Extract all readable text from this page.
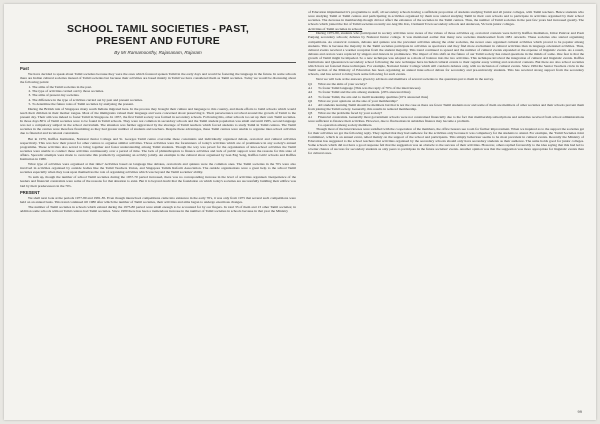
SCHOOL TAMIL SOCIETIES - PAST,
PRESENT AND FUTURE
By Mr Ramamoorthy, Rajasanam, Rajaram
Past

We have decided to speak about Tamil societies because they were the ones which fostered spoken Tamil in the early days and would be fostering the language in the future. In some schools there are Indian cultural societies instead of Tamil societies but because their activities are based mainly in Tamil we have considered them as Tamil societies. Today we would be discussing about the following points:

1. The aims of the Tamil societies in the past.
2. The type of activities carried out by those societies.
3. The aims of present day societies.
4. The difference in the type of activities carried out by past and present societies.
5. To determine the future roles of Tamil societies by analysing the present.

During the British rule of Singapore many south Indians migrated here. In the process they brought their culture and language to this country, and made efforts to build schools which would teach their children in their mother tongue. Most of the immigrants valued their language and were concerned about preserving it. Their perseverance revolved around the growth of Tamil to the present day. Their aim was indeed to foster Tamil in Singapore. In 1957, the first Tamil society was formed in secondary schools. Following this, other schools too set up their own Tamil societies. In those days 80% of Tamil societies were to be found in Tamil schools. They were not common in secondary schools and the Tamil student population was small and until 1985, second language was not a compulsory subject in the school curriculum. The situation was further aggravated by the shortage of Tamil teachers which forced students to study Tamil in Tamil centres. The Tamil societies in the centres were therefore flourishing as they had greater number of students and teachers. Despite these advantages, these Tamil centres were unable to organise inter-school activities due to financial and locational constraints.

But in 1970, Raffles Institution, National Junior College and St. Georges Tamil centre overcame these constraints and individually organised debate, oratorical and cultural activities respectively. This was how their paved for other centres to organise similar activities. Those activities were the forerunners of today's activities which are of prominence in any society's annual programme. These activities also served to bring together and foster understanding among Tamil students. Though the way was paved for the organisation of inter-school activities the Tamil societies were unable to conduct these activities continuously over a period of time. The lack of philanthropists to finance activities and lack of public support were the reasons for this state of affairs. Sporadic attempts were made to overcome this problem by organising an activity jointly. An example is the cultural show organised by Gan Eng Seng, Raffles Girls' schools and Raffles Institution in 1980.

What type of activities were organised at that time? Activities based on language like debates, oratoricals and quizzes were the common ones. The Tamil societies in the 70's were also involved in activities organised by outside bodies like the Tamil Teachers Union, and Singapore Tamils Reform Association. The outside organisations were a great help to the school Tamil societies especially when they took upon themselves the role of organising activities which was beyond the Tamil societies' ability.

To sum up, though the number of school Tamil societies during the 1957-70 period increased, there was no corresponding increase in the level of activities organised. Inexperience of the leaders and financial constraints were some of the reasons for that situation to exist. But it is beyond doubt that the foundation on which today's societies are successfully building their edifice was laid by their predecessors in the 70's.

PRESENT

We shall next look at the periods 1977-80 and 1981-85. Even though interschool competitions came into existence in the early 70's, it was only from 1975 that several such competitions were held on an annual basis. This trend continued till 1980 after which the number of Tamil societies, their activities and aims began to undergo enormous changes.

The number of Tamil societies in schools which existed during the 1975-80 period were small enough to be accounted for by our fingers. In total 33 of them and 13 other Tamil societies; in addition some schools without Tamil centres had Tamil societies. Since 1980 there has been a tremendous increase in the number of Tamil societies in schools because in that year the Ministry

of Education implemented it's programme to staff, all secondary schools having a sufficient proportion of students studying Tamil and all junior colleges, with Tamil teachers. Hence students who were studying Tamil at Tamil centres and participating in activities organised by them now started studying Tamil in their own schools and to participate in activities organised by their school societies. The decrease in membership though did not affect the existence of the societies in the Tamil centres. Thus, the number of Tamil societies in the past few years had increased greatly. The schools which joined the list of Tamil societies recently are Ang Mo Kio, Clementi Town secondary schools and Anderson, Victoria junior colleges.

Activities of Tamil societies in schools

During 1975-80, students who participated in society activities were aware of the values of those activities eg. oratorical contests were held by Raffles Institution, Umar Pulavar and Pasir Panjang secondary schools; debates by National Junior college. It was mentioned earlier that many new societies mushroomed from 1981 onwards. These societies also started organising competitions. As oratorical contests, debates and quizzes was the prevalent activities among the older societies, the newer ones organised cultural activities which proved to be popular among students. This is because the majority in the Tamil societies participate in activities as spectators and they find more excitement in cultural activities than in language orientated activities. Thus, cultural events received a warmer reception from the student majority. This trend continued to spread and the number of cultural events expanded at the expense of linguistic events. As a result, debates and orators were replaced by singers and dancers in prominence. The impact of this shift on the future of our Tamil society has raised questions in the minds of some. One fear is that the growth of Tamil might be impeded. So a new technique was adopted as a mode of balance into the two activities. This technique involved the integration of cultural and linguistic events. Raffles Institutions and Queenstown secondary school following the new technique have included cultural events to their regular essay writing and oratorical contests. But there are also school societies which have set fostered these techniques. For example, National Junior College which still conducts debates only, with no inclusion of cultural events. Since 1984 the Senior Teachers circle in the Tamil section of the Ministry of Education has been organising an annual inter-school debate for secondary and pre-university students. This has received strong support from the secondary schools, and has served to bring back some following for such events.

Next we will look at the answers given by advisors and members of several societies to the questions put to them in the survey.

Q1 What are the aims of your society?
A1 To foster Tamil language (This was the reply of 70% of the interviewees)
A2 To foster Tamil and the arts among students. (20% answered thus)
A3 To foster Tamil, the arts and to instill leadership qualities (10% answered thus)
Q2 What are your opinions on the size of your membership?
A1 All students learning Tamil should be members but that is not the case as there are fewer Tamil students now and some of them are members of other societies and their schools prevent them from joining the Tamil society. Generally, this results in reduced membership.
Q3 What are the problems faced by your society?
A1 Financial constraints. Generally most government schools were not constrained financially due to the fact that membership subscriptions and subsidies received from school administrations were sufficient to finance their activities. However, due to fluctuations in subsidies finance may become a problem.
Co-operation among society members.

Though most of the interviewees were satisfied with the cooperation of the members, the office bearers see room for further improvement. When we inquired as to the support the societies get for their activities we got the following reply. They replied that they had audience for the activities only because it was compulsory for the students to attend. For example, the 'Tamil Societies Joint Committee', which is an annual event, relied mainly on the support of the school and participants. This simply behaviour seems to be most prevalent in cultural events. Recently the Ministry of Education has suggested to the school teachers that activities organised by the secondary schools should only have secondary students as their audience. The same holds good for junior colleges. Some schools which did not have a good response felt that the suggestion was an obstacle to the success of their activities. However, others replied favourably to the idea saying that this had led to a better chance of success for secondary students as only peers to participate in the future societies' events. Another opinion was that the suggestion was more appropriate for linguistic events than for cultural ones.

99
